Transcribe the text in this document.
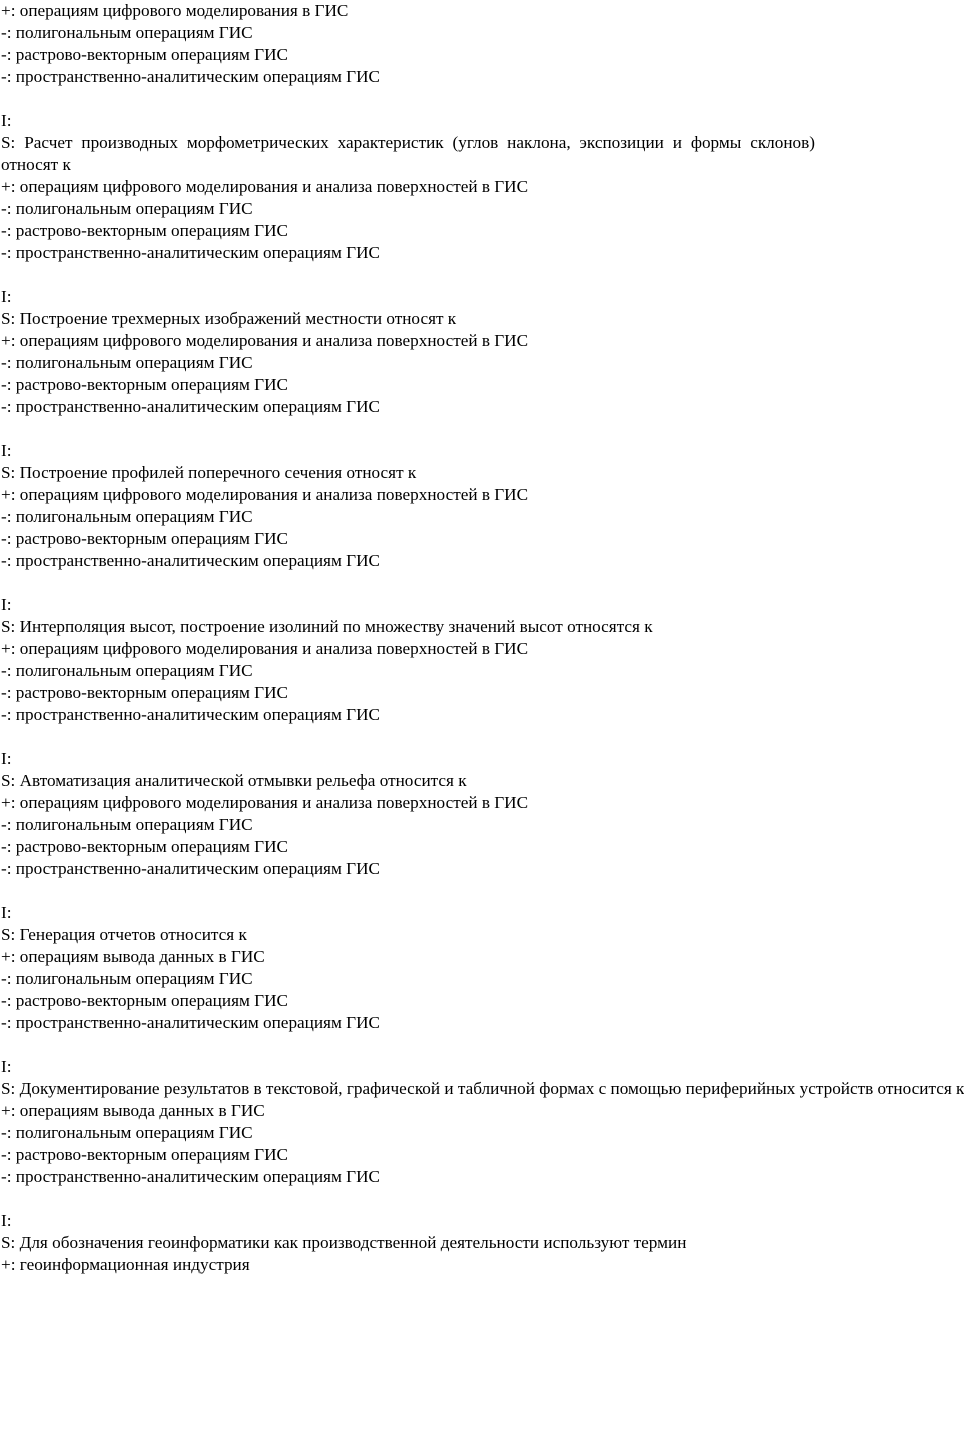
+: операциям цифрового моделирования в ГИС
-: полигональным операциям ГИС
-: растрово-векторным операциям ГИС
-: пространственно-аналитическим операциям ГИС
I:
S: Расчет производных морфометрических характеристик (углов наклона, экспозиции и формы склонов) относят к
+: операциям цифрового моделирования и анализа поверхностей в ГИС
-: полигональным операциям ГИС
-: растрово-векторным операциям ГИС
-: пространственно-аналитическим операциям ГИС
I:
S: Построение трехмерных изображений местности относят к
+: операциям цифрового моделирования и анализа поверхностей в ГИС
-: полигональным операциям ГИС
-: растрово-векторным операциям ГИС
-: пространственно-аналитическим операциям ГИС
I:
S: Построение профилей поперечного сечения относят к
+: операциям цифрового моделирования и анализа поверхностей в ГИС
-: полигональным операциям ГИС
-: растрово-векторным операциям ГИС
-: пространственно-аналитическим операциям ГИС
I:
S: Интерполяция высот, построение изолиний по множеству значений высот относятся к
+: операциям цифрового моделирования и анализа поверхностей в ГИС
-: полигональным операциям ГИС
-: растрово-векторным операциям ГИС
-: пространственно-аналитическим операциям ГИС
I:
S: Автоматизация аналитической отмывки рельефа относится к
+: операциям цифрового моделирования и анализа поверхностей в ГИС
-: полигональным операциям ГИС
-: растрово-векторным операциям ГИС
-: пространственно-аналитическим операциям ГИС
I:
S: Генерация отчетов относится к
+: операциям вывода данных в ГИС
-: полигональным операциям ГИС
-: растрово-векторным операциям ГИС
-: пространственно-аналитическим операциям ГИС
I:
S: Документирование результатов в текстовой, графической и табличной формах с помощью периферийных устройств относится к
+: операциям вывода данных в ГИС
-: полигональным операциям ГИС
-: растрово-векторным операциям ГИС
-: пространственно-аналитическим операциям ГИС
I:
S: Для обозначения геоинформатики как производственной деятельности используют термин
+: геоинформационная индустрия
